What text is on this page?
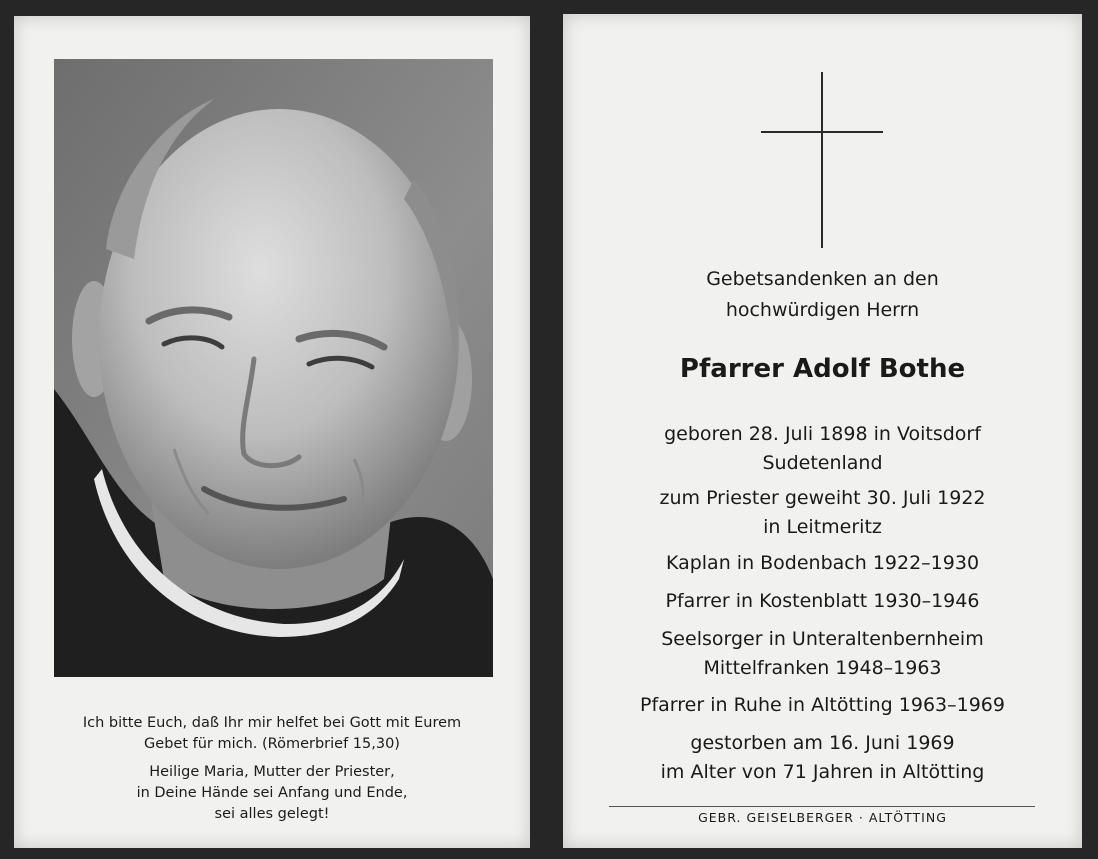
Ich bitte Euch, daß Ihr mir helfet bei Gott mit Eurem
Gebet für mich. (Römerbrief 15,30)
Heilige Maria, Mutter der Priester,
in Deine Hände sei Anfang und Ende,
sei alles gelegt!
Gebetsandenken an den
hochwürdigen Herrn
Pfarrer Adolf Bothe
geboren 28. Juli 1898 in Voitsdorf
Sudetenland
zum Priester geweiht 30. Juli 1922
in Leitmeritz
Kaplan in Bodenbach 1922–1930
Pfarrer in Kostenblatt 1930–1946
Seelsorger in Unteraltenbernheim
Mittelfranken 1948–1963
Pfarrer in Ruhe in Altötting 1963–1969
gestorben am 16. Juni 1969
im Alter von 71 Jahren in Altötting
GEBR. GEISELBERGER · ALTÖTTING
